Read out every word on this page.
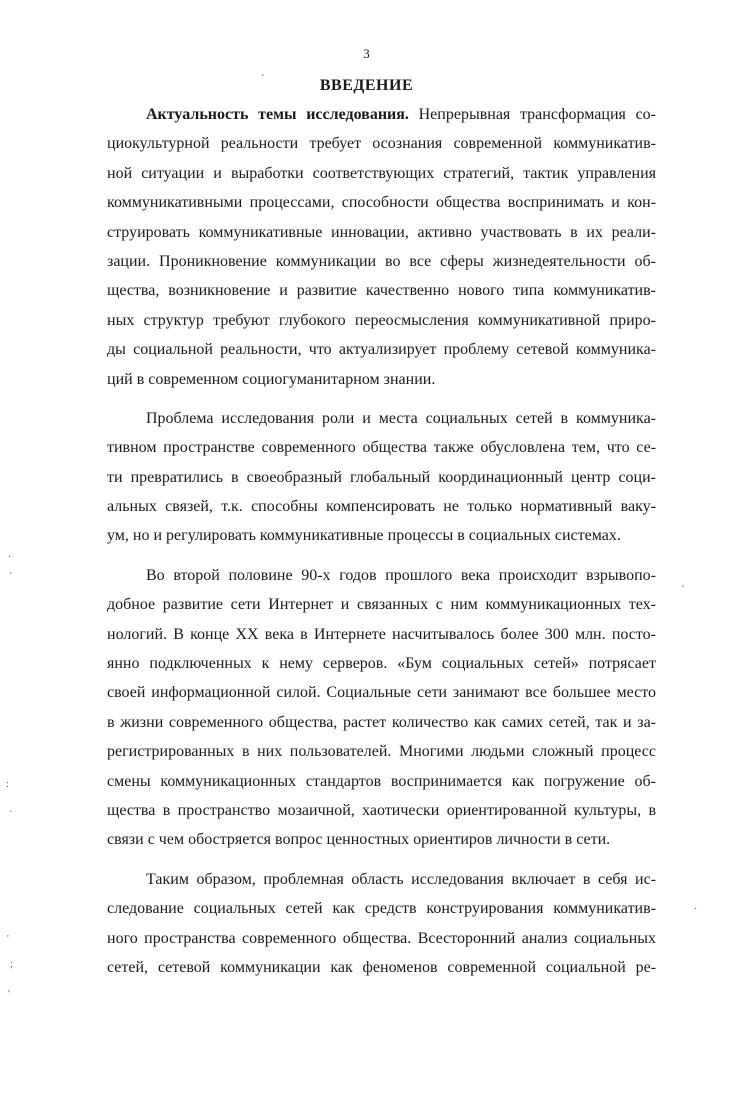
3
ВВЕДЕНИЕ
Актуальность темы исследования. Непрерывная трансформация со-
циокультурной реальности требует осознания современной коммуникатив-
ной ситуации и выработки соответствующих стратегий, тактик управления
коммуникативными процессами, способности общества воспринимать и кон-
струировать коммуникативные инновации, активно участвовать в их реали-
зации. Проникновение коммуникации во все сферы жизнедеятельности об-
щества, возникновение и развитие качественно нового типа коммуникатив-
ных структур требуют глубокого переосмысления коммуникативной приро-
ды социальной реальности, что актуализирует проблему сетевой коммуника-
ций в современном социогуманитарном знании.
Проблема исследования роли и места социальных сетей в коммуника-
тивном пространстве современного общества также обусловлена тем, что се-
ти превратились в своеобразный глобальный координационный центр соци-
альных связей, т.к. способны компенсировать не только нормативный ваку-
ум, но и регулировать коммуникативные процессы в социальных системах.
Во второй половине 90-х годов прошлого века происходит взрывопо-
добное развитие сети Интернет и связанных с ним коммуникационных тех-
нологий. В конце XX века в Интернете насчитывалось более 300 млн. посто-
янно подключенных к нему серверов. «Бум социальных сетей» потрясает
своей информационной силой. Социальные сети занимают все большее место
в жизни современного общества, растет количество как самих сетей, так и за-
регистрированных в них пользователей. Многими людьми сложный процесс
смены коммуникационных стандартов воспринимается как погружение об-
щества в пространство мозаичной, хаотически ориентированной культуры, в
связи с чем обостряется вопрос ценностных ориентиров личности в сети.
Таким образом, проблемная область исследования включает в себя ис-
следование социальных сетей как средств конструирования коммуникатив-
ного пространства современного общества. Всесторонний анализ социальных
сетей, сетевой коммуникации как феноменов современной социальной ре-
·
'
:
·
'
;
'
'
·
'
